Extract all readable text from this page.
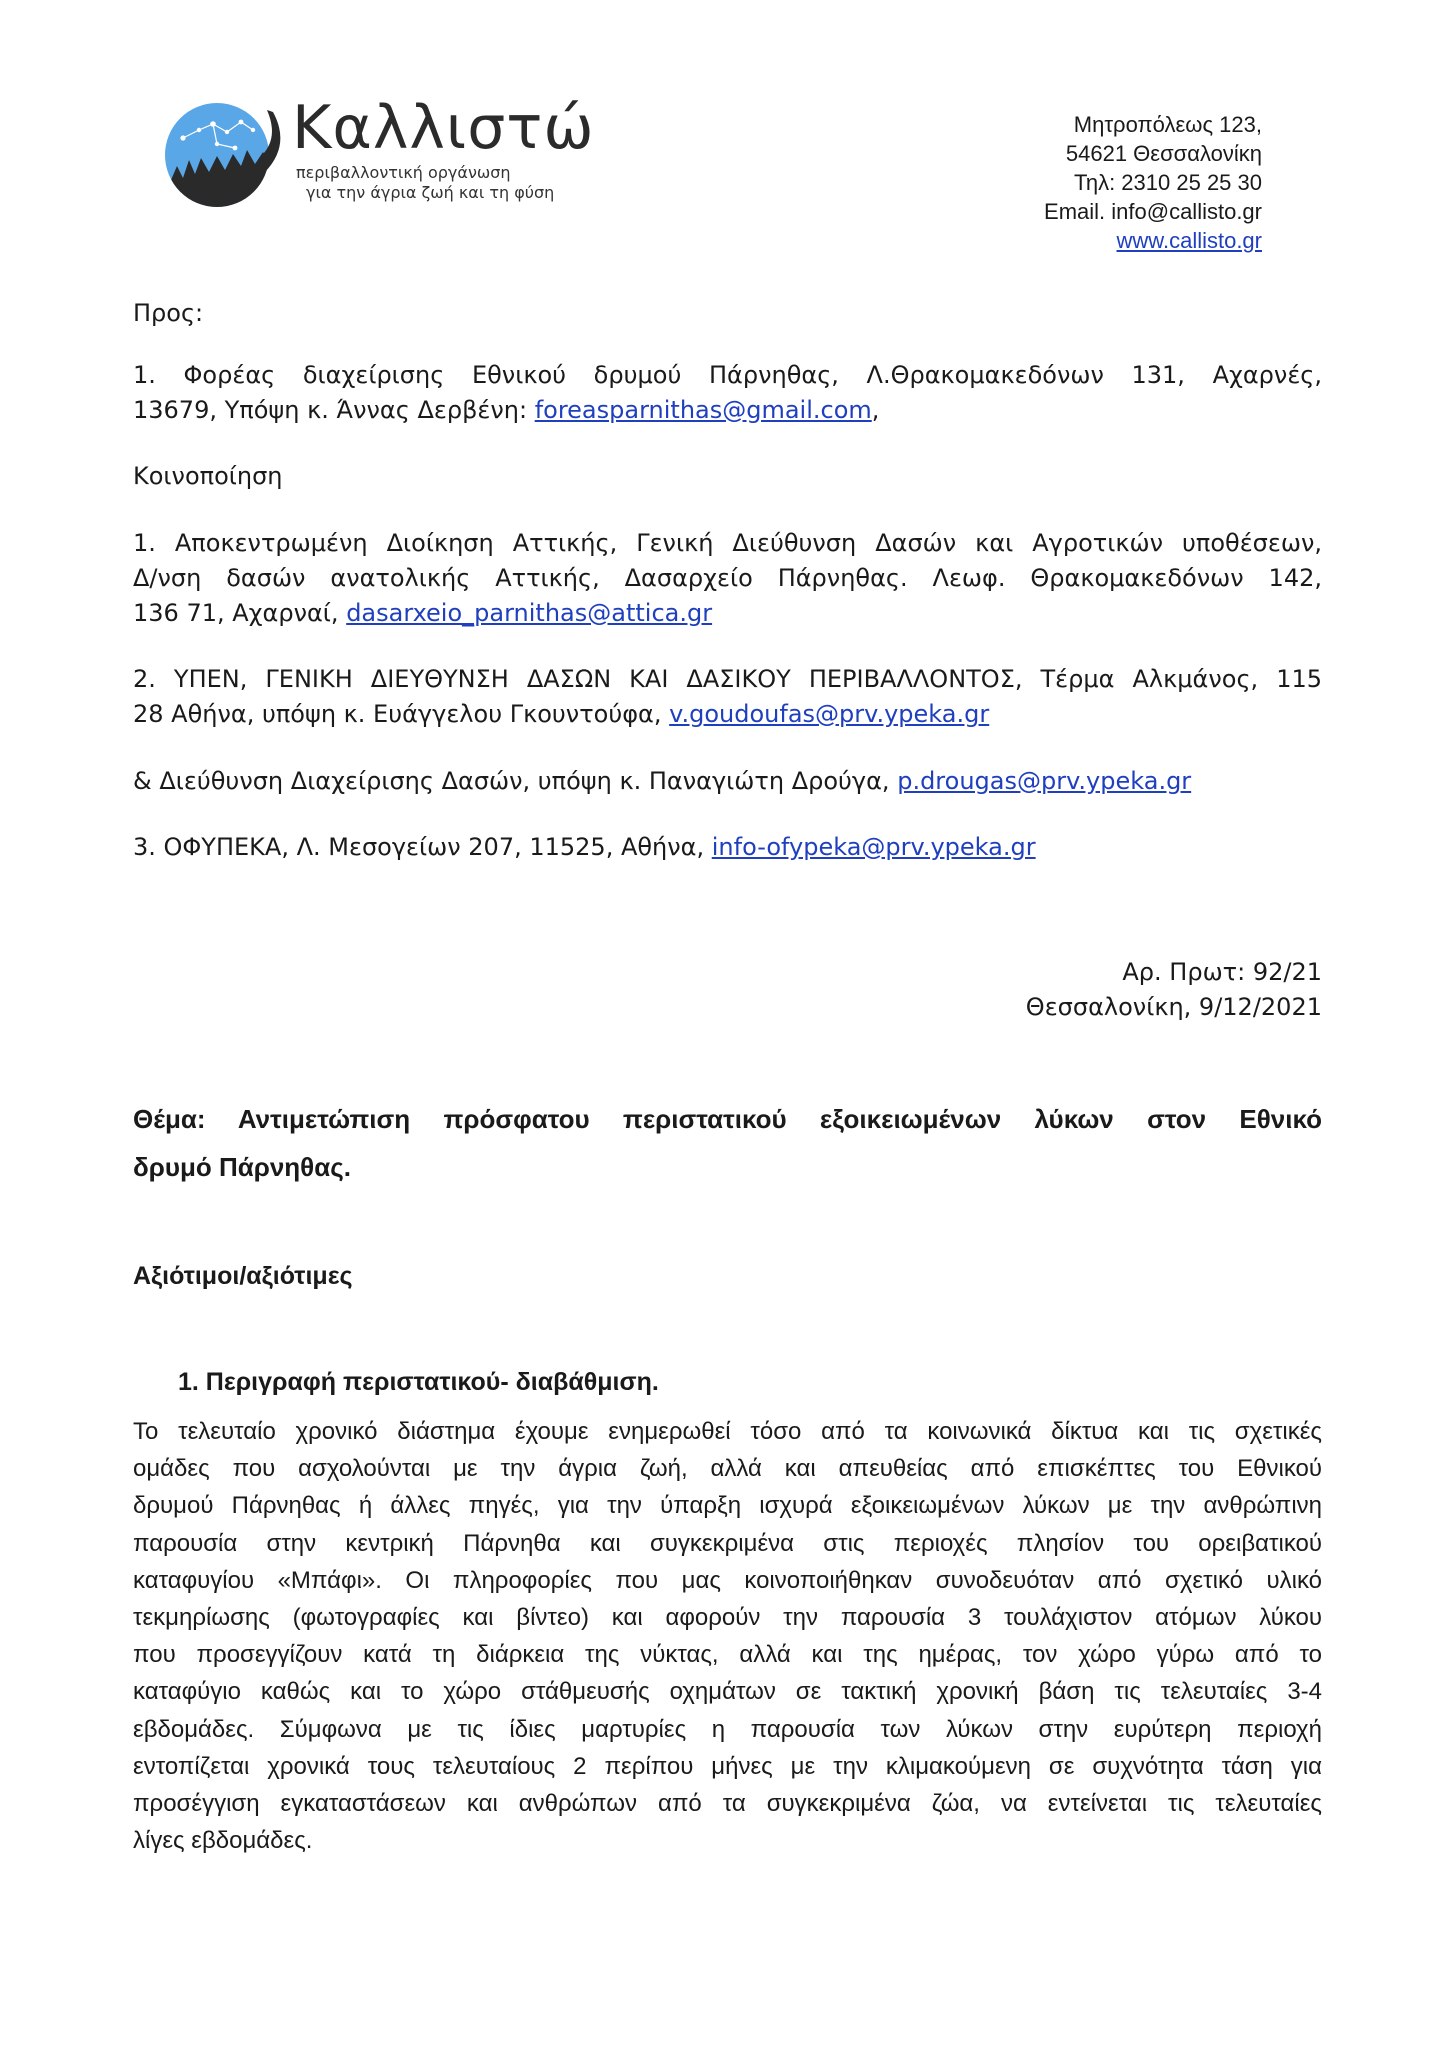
Καλλιστώ
περιβαλλοντική οργάνωση
για την άγρια ζωή και τη φύση
Μητροπόλεως 123,
54621 Θεσσαλονίκη
Τηλ: 2310 25 25 30
Email. info@callisto.gr
www.callisto.gr
Προς:
1. Φορέας διαχείρισης Εθνικού δρυμού Πάρνηθας, Λ.Θρακομακεδόνων 131, Αχαρνές,
13679, Υπόψη κ. Άννας Δερβένη: foreasparnithas@gmail.com,
Κοινοποίηση
1. Αποκεντρωμένη Διοίκηση Αττικής, Γενική Διεύθυνση Δασών και Αγροτικών υποθέσεων,
Δ/νση δασών ανατολικής Αττικής, Δασαρχείο Πάρνηθας. Λεωφ. Θρακομακεδόνων 142,
136 71, Αχαρναί, dasarxeio_parnithas@attica.gr
2. ΥΠΕΝ, ΓΕΝΙΚΗ ΔΙΕΥΘΥΝΣΗ ΔΑΣΩΝ ΚΑΙ ΔΑΣΙΚΟΥ ΠΕΡΙΒΑΛΛΟΝΤΟΣ, Τέρμα Αλκμάνος, 115
28 Αθήνα, υπόψη κ. Ευάγγελου Γκουντούφα, v.goudoufas@prv.ypeka.gr
& Διεύθυνση Διαχείρισης Δασών, υπόψη κ. Παναγιώτη Δρούγα, p.drougas@prv.ypeka.gr
3. ΟΦΥΠΕΚΑ, Λ. Μεσογείων 207, 11525, Αθήνα, info-ofypeka@prv.ypeka.gr
Αρ. Πρωτ: 92/21
Θεσσαλονίκη, 9/12/2021
Θέμα: Αντιμετώπιση πρόσφατου περιστατικού εξοικειωμένων λύκων στον Εθνικό
δρυμό Πάρνηθας.
Αξιότιμοι/αξιότιμες
1. Περιγραφή περιστατικού- διαβάθμιση.
Το τελευταίο χρονικό διάστημα έχουμε ενημερωθεί τόσο από τα κοινωνικά δίκτυα και τις σχετικές
ομάδες που ασχολούνται με την άγρια ζωή, αλλά και απευθείας από επισκέπτες του Εθνικού
δρυμού Πάρνηθας ή άλλες πηγές, για την ύπαρξη ισχυρά εξοικειωμένων λύκων με την ανθρώπινη
παρουσία στην κεντρική Πάρνηθα και συγκεκριμένα στις περιοχές πλησίον του ορειβατικού
καταφυγίου «Μπάφι». Οι πληροφορίες που μας κοινοποιήθηκαν συνοδευόταν από σχετικό υλικό
τεκμηρίωσης (φωτογραφίες και βίντεο) και αφορούν την παρουσία 3 τουλάχιστον ατόμων λύκου
που προσεγγίζουν κατά τη διάρκεια της νύκτας, αλλά και της ημέρας, τον χώρο γύρω από το
καταφύγιο καθώς και το χώρο στάθμευσής οχημάτων σε τακτική χρονική βάση τις τελευταίες 3-4
εβδομάδες. Σύμφωνα με τις ίδιες μαρτυρίες η παρουσία των λύκων στην ευρύτερη περιοχή
εντοπίζεται χρονικά τους τελευταίους 2 περίπου μήνες με την κλιμακούμενη σε συχνότητα τάση για
προσέγγιση εγκαταστάσεων και ανθρώπων από τα συγκεκριμένα ζώα, να εντείνεται τις τελευταίες
λίγες εβδομάδες.
